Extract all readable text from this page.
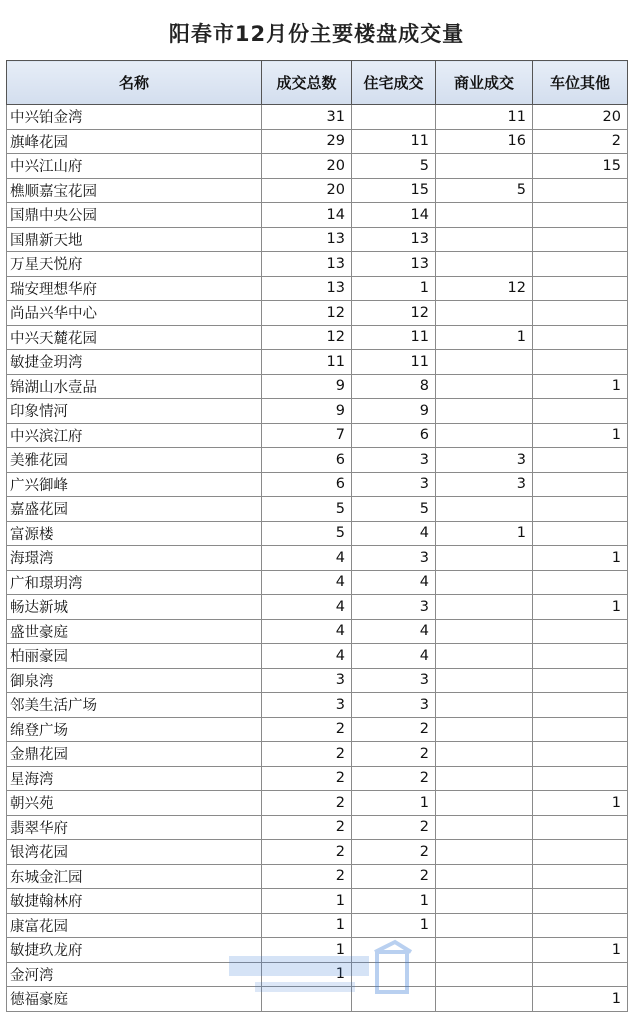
阳春市12月份主要楼盘成交量
名称	成交总数	住宅成交	商业成交	车位其他
中兴铂金湾	31		11	20
旗峰花园	29	11	16	2
中兴江山府	20	5		15
樵顺嘉宝花园	20	15	5	
国鼎中央公园	14	14		
国鼎新天地	13	13		
万星天悦府	13	13		
瑞安理想华府	13	1	12	
尚品兴华中心	12	12		
中兴天麓花园	12	11	1	
敏捷金玥湾	11	11		
锦湖山水壹品	9	8		1
印象情河	9	9		
中兴滨江府	7	6		1
美雅花园	6	3	3	
广兴御峰	6	3	3	
嘉盛花园	5	5		
富源楼	5	4	1	
海璟湾	4	3		1
广和璟玥湾	4	4		
畅达新城	4	3		1
盛世豪庭	4	4		
柏丽豪园	4	4		
御泉湾	3	3		
邻美生活广场	3	3		
绵登广场	2	2		
金鼎花园	2	2		
星海湾	2	2		
朝兴苑	2	1		1
翡翠华府	2	2		
银湾花园	2	2		
东城金汇园	2	2		
敏捷翰林府	1	1		
康富花园	1	1		
敏捷玖龙府	1			1
金河湾	1			
德福豪庭				1
